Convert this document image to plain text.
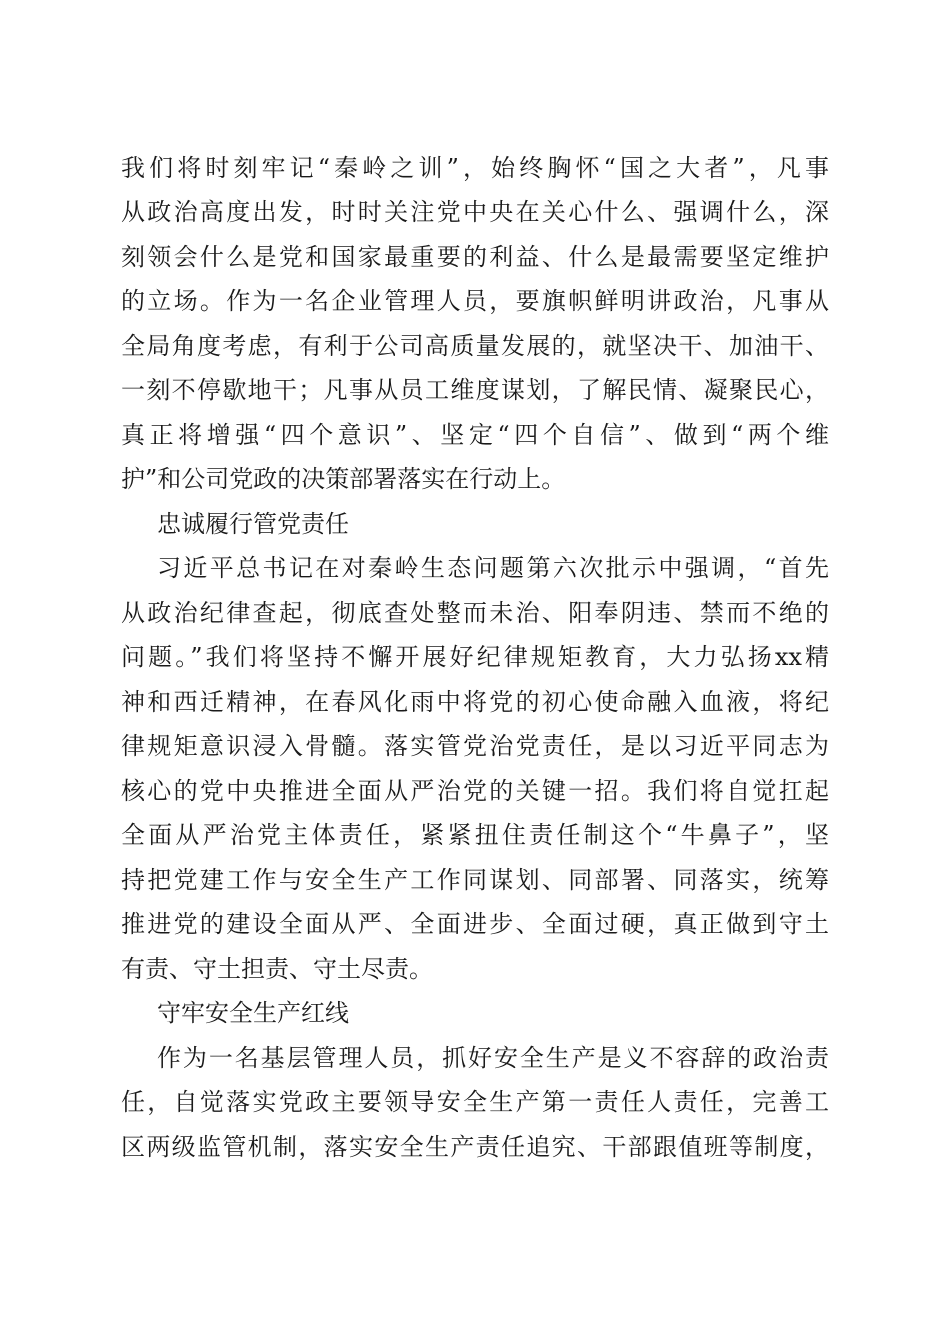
我们将时刻牢记“秦岭之训”，始终胸怀“国之大者”，凡事
从政治高度出发，时时关注党中央在关心什么、强调什么，深
刻领会什么是党和国家最重要的利益、什么是最需要坚定维护
的立场。作为一名企业管理人员，要旗帜鲜明讲政治，凡事从
全局角度考虑，有利于公司高质量发展的，就坚决干、加油干、
一刻不停歇地干；凡事从员工维度谋划，了解民情、凝聚民心，
真正将增强“四个意识”、坚定“四个自信”、做到“两个维
护”和公司党政的决策部署落实在行动上。
忠诚履行管党责任
习近平总书记在对秦岭生态问题第六次批示中强调，“首先
从政治纪律查起，彻底查处整而未治、阳奉阴违、禁而不绝的
问题。”我们将坚持不懈开展好纪律规矩教育，大力弘扬xx精
神和西迁精神，在春风化雨中将党的初心使命融入血液，将纪
律规矩意识浸入骨髓。落实管党治党责任，是以习近平同志为
核心的党中央推进全面从严治党的关键一招。我们将自觉扛起
全面从严治党主体责任，紧紧扭住责任制这个“牛鼻子”，坚
持把党建工作与安全生产工作同谋划、同部署、同落实，统筹
推进党的建设全面从严、全面进步、全面过硬，真正做到守土
有责、守土担责、守土尽责。
守牢安全生产红线
作为一名基层管理人员，抓好安全生产是义不容辞的政治责
任，自觉落实党政主要领导安全生产第一责任人责任，完善工
区两级监管机制，落实安全生产责任追究、干部跟值班等制度，
